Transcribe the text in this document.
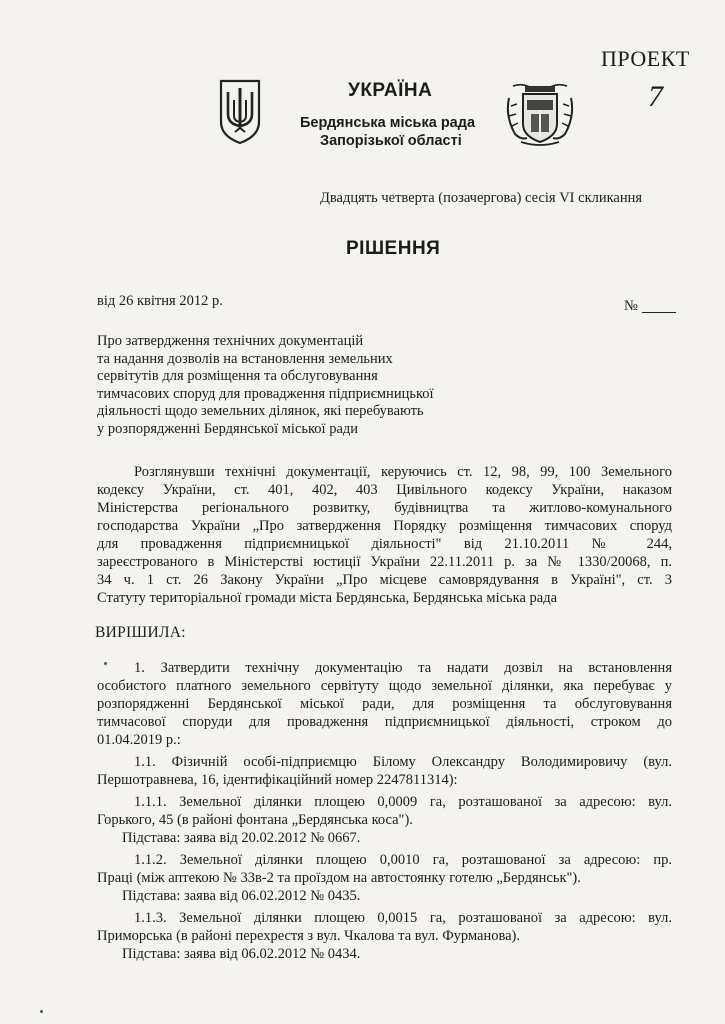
ПРОЕКТ
7
УКРАЇНА
Бердянська міська рада
Запорізької області
Двадцять четверта (позачергова) сесія VI скликання
РІШЕННЯ
від 26 квітня 2012 р.	№
Про затвердження технічних документацій
та надання дозволів на встановлення земельних
сервітутів для розміщення та обслуговування
тимчасових споруд для провадження підприємницької
діяльності щодо земельних ділянок, які перебувають
у розпорядженні Бердянської міської ради
Розглянувши технічні документації, керуючись ст. 12, 98, 99, 100 Земельного
кодексу України, ст. 401, 402, 403 Цивільного кодексу України, наказом
Міністерства регіонального розвитку, будівництва та житлово-комунального
господарства України „Про затвердження Порядку розміщення тимчасових споруд
для провадження підприємницької діяльності" від 21.10.2011 № 244,
зареєстрованого в Міністерстві юстиції України 22.11.2011 р. за № 1330/20068, п.
34 ч. 1 ст. 26 Закону України „Про місцеве самоврядування в Україні", ст. 3
Статуту територіальної громади міста Бердянська, Бердянська міська рада
ВИРІШИЛА:
1. Затвердити технічну документацію та надати дозвіл на встановлення
особистого платного земельного сервітуту щодо земельної ділянки, яка перебуває у
розпорядженні Бердянської міської ради, для розміщення та обслуговування
тимчасової споруди для провадження підприємницької діяльності, строком до
01.04.2019 р.:
1.1. Фізичній особі-підприємцю Білому Олександру Володимировичу (вул.
Першотравнева, 16, ідентифікаційний номер 2247811314):
1.1.1. Земельної ділянки площею 0,0009 га, розташованої за адресою: вул.
Горького, 45 (в районі фонтана „Бердянська коса").
Підстава: заява від 20.02.2012 № 0667.
1.1.2. Земельної ділянки площею 0,0010 га, розташованої за адресою: пр.
Праці (між аптекою № 33в-2 та проїздом на автостоянку готелю „Бердянськ").
Підстава: заява від 06.02.2012 № 0435.
1.1.3. Земельної ділянки площею 0,0015 га, розташованої за адресою: вул.
Приморська (в районі перехрестя з вул. Чкалова та вул. Фурманова).
Підстава: заява від 06.02.2012 № 0434.
